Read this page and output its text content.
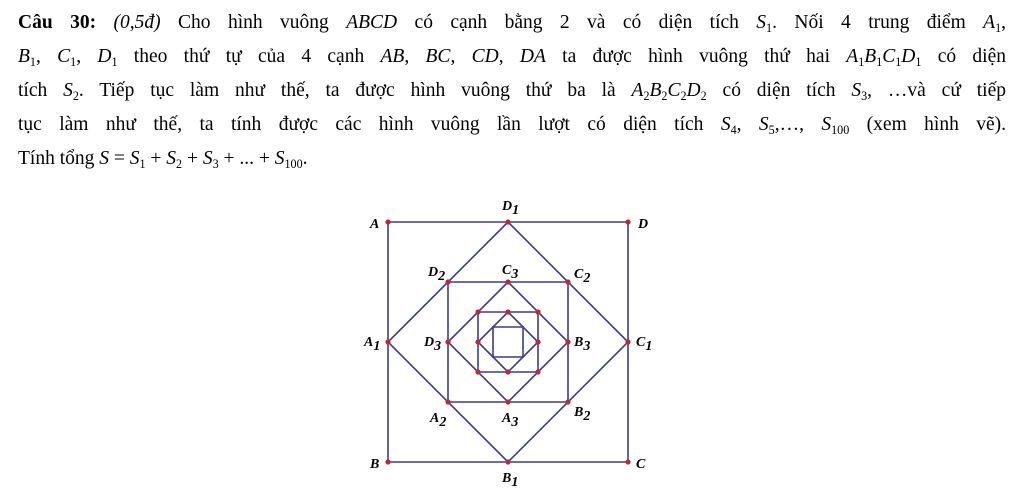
Câu 30: (0,5đ) Cho hình vuông ABCD có cạnh bằng 2 và có diện tích $S_1$. Nối 4 trung điểm $A_1$,
$B_1$, $C_1$, $D_1$ theo thứ tự của 4 cạnh AB, BC, CD, DA ta được hình vuông thứ hai $A_1B_1C_1D_1$ có diện
tích $S_2$. Tiếp tục làm như thế, ta được hình vuông thứ ba là $A_2B_2C_2D_2$ có diện tích $S_3$, …và cứ tiếp
tục làm như thế, ta tính được các hình vuông lần lượt có diện tích $S_4$, $S_5,\dots$, $S_{100}$ (xem hình vẽ).
Tính tổng $S = S_1 + S_2 + S_3$ + ... + $S_{100}$.
A	D
B	C
D1
B1
A1	C1
D2	C2
A2
B2
C3
A3
D3	B3
